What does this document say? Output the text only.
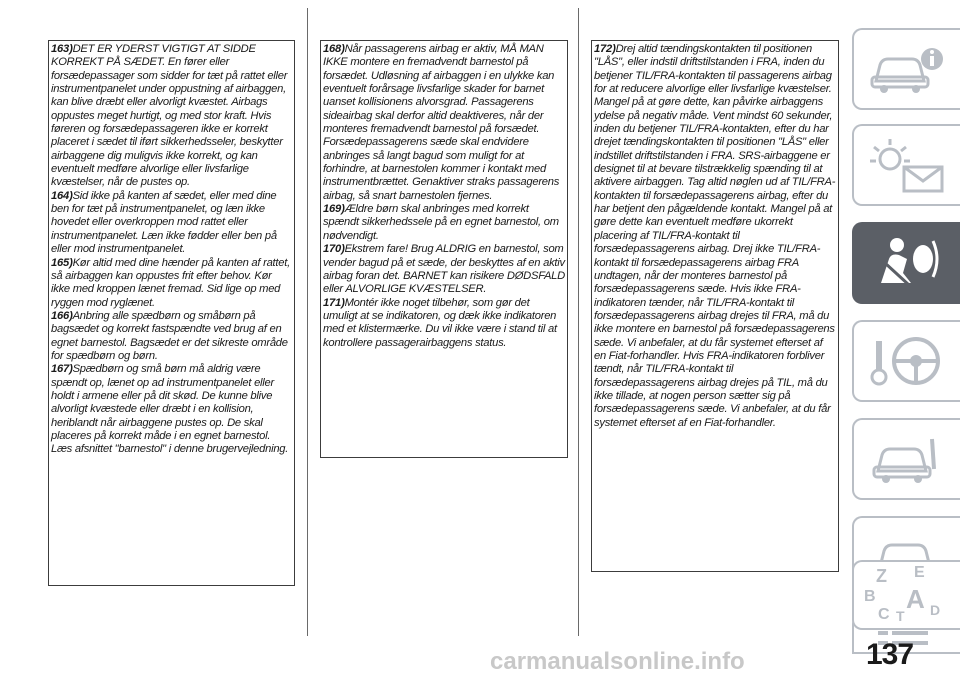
163)DET ER YDERST VIGTIGT AT SIDDE KORREKT PÅ SÆDET. En fører eller forsædepassager som sidder for tæt på rattet eller instrumentpanelet under oppustning af airbaggen, kan blive dræbt eller alvorligt kvæstet. Airbags oppustes meget hurtigt, og med stor kraft. Hvis føreren og forsædepassageren ikke er korrekt placeret i sædet til iført sikkerhedsseler, beskytter airbaggene dig muligvis ikke korrekt, og kan eventuelt medføre alvorlige eller livsfarlige kvæstelser, når de pustes op.

164)Sid ikke på kanten af sædet, eller med dine ben for tæt på instrumentpanelet, og læn ikke hovedet eller overkroppen mod rattet eller instrumentpanelet. Læn ikke fødder eller ben på eller mod instrumentpanelet.

165)Kør altid med dine hænder på kanten af rattet, så airbaggen kan oppustes frit efter behov. Kør ikke med kroppen lænet fremad. Sid lige op med ryggen mod ryglænet.

166)Anbring alle spædbørn og småbørn på bagsædet og korrekt fastspændte ved brug af en egnet barnestol. Bagsædet er det sikreste område for spædbørn og børn.

167)Spædbørn og små børn må aldrig være spændt op, lænet op ad instrumentpanelet eller holdt i armene eller på dit skød. De kunne blive alvorligt kvæstede eller dræbt i en kollision, heriblandt når airbaggene pustes op. De skal placeres på korrekt måde i en egnet barnestol. Læs afsnittet "barnestol" i denne brugervejledning.

168)Når passagerens airbag er aktiv, MÅ MAN IKKE montere en fremadvendt barnestol på forsædet. Udløsning af airbaggen i en ulykke kan eventuelt forårsage livsfarlige skader for barnet uanset kollisionens alvorsgrad. Passagerens sideairbag skal derfor altid deaktiveres, når der monteres fremadvendt barnestol på forsædet. Forsædepassagerens sæde skal endvidere anbringes så langt bagud som muligt for at forhindre, at barnestolen kommer i kontakt med instrumentbrættet. Genaktiver straks passagerens airbag, så snart barnestolen fjernes.

169)Ældre børn skal anbringes med korrekt spændt sikkerhedssele på en egnet barnestol, om nødvendigt.

170)Ekstrem fare! Brug ALDRIG en barnestol, som vender bagud på et sæde, der beskyttes af en aktiv airbag foran det. BARNET kan risikere DØDSFALD eller ALVORLIGE KVÆSTELSER.

171)Montér ikke noget tilbehør, som gør det umuligt at se indikatoren, og dæk ikke indikatoren med et klistermærke. Du vil ikke være i stand til at kontrollere passagerairbaggens status.

172)Drej altid tændingskontakten til positionen "LÅS", eller indstil driftstilstanden i FRA, inden du betjener TIL/FRA-kontakten til passagerens airbag for at reducere alvorlige eller livsfarlige kvæstelser. Mangel på at gøre dette, kan påvirke airbaggens ydelse på negativ måde. Vent mindst 60 sekunder, inden du betjener TIL/FRA-kontakten, efter du har drejet tændingskontakten til positionen "LÅS" eller indstillet driftstilstanden i FRA. SRS-airbaggene er designet til at bevare tilstrækkelig spænding til at aktivere airbaggen. Tag altid nøglen ud af TIL/FRA-kontakten til forsædepassagerens airbag, efter du har betjent den pågældende kontakt. Mangel på at gøre dette kan eventuelt medføre ukorrekt placering af TIL/FRA-kontakt til forsædepassagerens airbag. Drej ikke TIL/FRA-kontakt til forsædepassagerens airbag FRA undtagen, når der monteres barnestol på forsædepassagerens sæde. Hvis ikke FRA-indikatoren tænder, når TIL/FRA-kontakt til forsædepassagerens airbag drejes til FRA, må du ikke montere en barnestol på forsædepassagerens sæde. Vi anbefaler, at du får systemet efterset af en Fiat-forhandler. Hvis FRA-indikatoren forbliver tændt, når TIL/FRA-kontakt til forsædepassagerens airbag drejes på TIL, må du ikke tillade, at nogen person sætter sig på forsædepassagerens sæde. Vi anbefaler, at du får systemet efterset af en Fiat-forhandler.

Z E
B A
C T D
carmanualsonline.info	137
